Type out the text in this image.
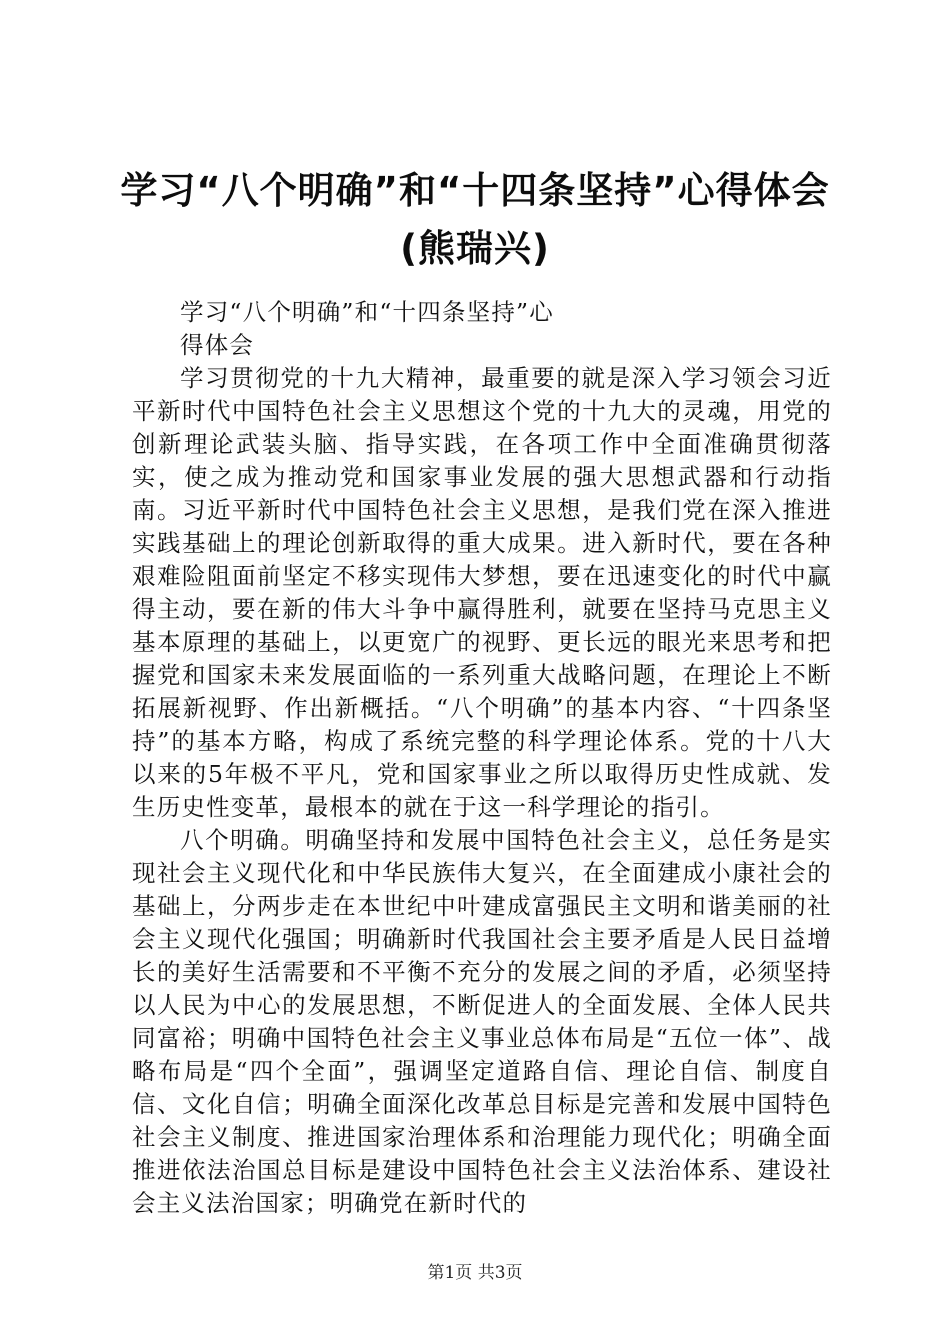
学习“八个明确”和“十四条坚持”心得体会
(熊瑞兴)
学习“八个明确”和“十四条坚持”心
得体会

学习贯彻党的十九大精神，最重要的就是深入学习领会习近平新时代中国特色社会主义思想这个党的十九大的灵魂，用党的创新理论武装头脑、指导实践，在各项工作中全面准确贯彻落实，使之成为推动党和国家事业发展的强大思想武器和行动指南。习近平新时代中国特色社会主义思想，是我们党在深入推进实践基础上的理论创新取得的重大成果。进入新时代，要在各种艰难险阻面前坚定不移实现伟大梦想，要在迅速变化的时代中赢得主动，要在新的伟大斗争中赢得胜利，就要在坚持马克思主义基本原理的基础上，以更宽广的视野、更长远的眼光来思考和把握党和国家未来发展面临的一系列重大战略问题，在理论上不断拓展新视野、作出新概括。“八个明确”的基本内容、“十四条坚持”的基本方略，构成了系统完整的科学理论体系。党的十八大以来的5年极不平凡，党和国家事业之所以取得历史性成就、发生历史性变革，最根本的就在于这一科学理论的指引。

八个明确。明确坚持和发展中国特色社会主义，总任务是实现社会主义现代化和中华民族伟大复兴，在全面建成小康社会的基础上，分两步走在本世纪中叶建成富强民主文明和谐美丽的社会主义现代化强国；明确新时代我国社会主要矛盾是人民日益增长的美好生活需要和不平衡不充分的发展之间的矛盾，必须坚持以人民为中心的发展思想，不断促进人的全面发展、全体人民共同富裕；明确中国特色社会主义事业总体布局是“五位一体”、战略布局是“四个全面”，强调坚定道路自信、理论自信、制度自信、文化自信；明确全面深化改革总目标是完善和发展中国特色社会主义制度、推进国家治理体系和治理能力现代化；明确全面推进依法治国总目标是建设中国特色社会主义法治体系、建设社会主义法治国家；明确党在新时代的

第1页 共3页
